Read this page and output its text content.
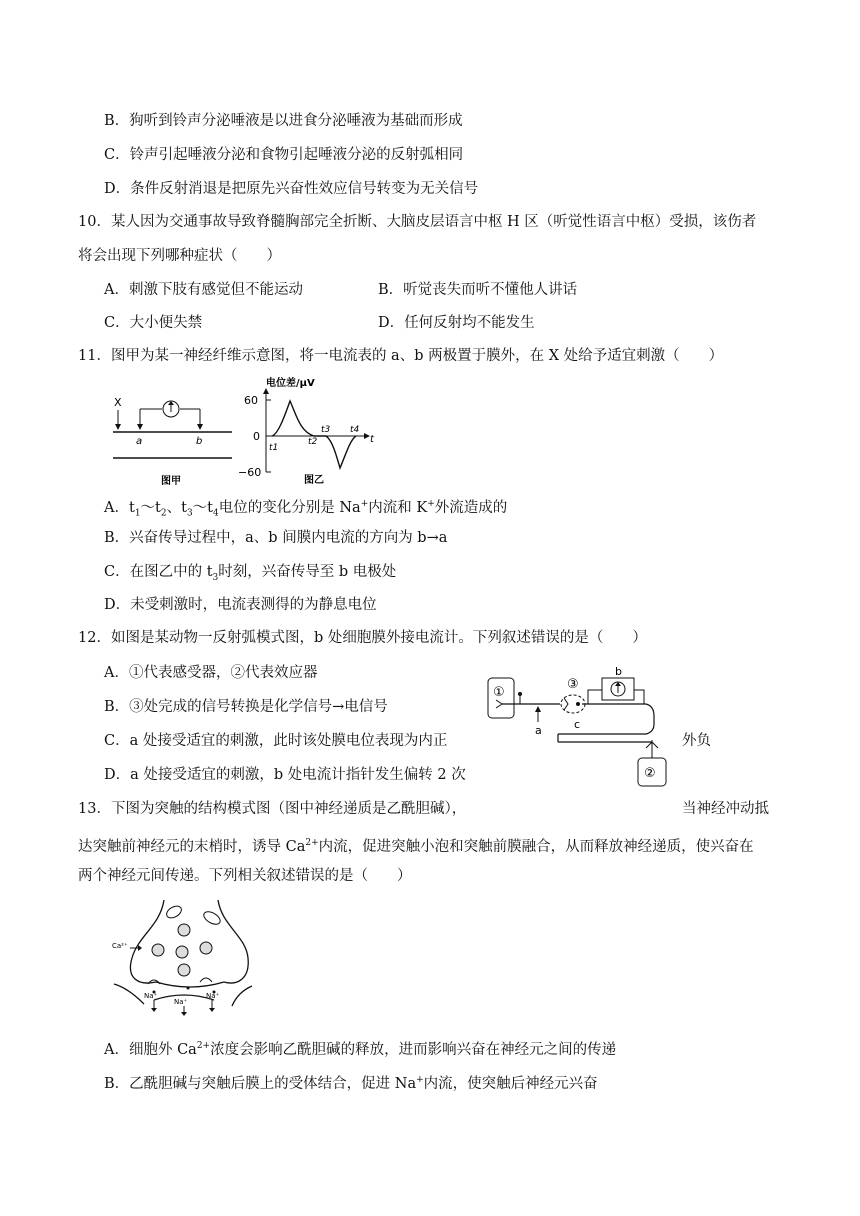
B．狗听到铃声分泌唾液是以进食分泌唾液为基础而形成
C．铃声引起唾液分泌和食物引起唾液分泌的反射弧相同
D．条件反射消退是把原先兴奋性效应信号转变为无关信号
10．某人因为交通事故导致脊髓胸部完全折断、大脑皮层语言中枢 H 区（听觉性语言中枢）受损，该伤者
将会出现下列哪种症状（　　）
A．刺激下肢有感觉但不能运动	B．听觉丧失而听不懂他人讲话
C．大小便失禁	D．任何反射均不能发生
11．图甲为某一神经纤维示意图，将一电流表的 a、b 两极置于膜外，在 X 处给予适宜刺激（　　）
X
a	b
图甲
电位差/μV
60
0
−60
t1
t2
t3 t4
t
图乙
A．$t_1\sim t_2$、$t_3\sim t_4$电位的变化分别是 Na+内流和 K+外流造成的
B．兴奋传导过程中，a、b 间膜内电流的方向为 b→a
C．在图乙中的 $t_3$时刻，兴奋传导至 b 电极处
D．未受刺激时，电流表测得的为静息电位
12．如图是某动物一反射弧模式图，b 处细胞膜外接电流计。下列叙述错误的是（　　）
A．①代表感受器，②代表效应器
B．③处完成的信号转换是化学信号→电信号
C．a 处接受适宜的刺激，此时该处膜电位表现为内正	外负
D．a 处接受适宜的刺激，b 处电流计指针发生偏转 2 次
①
a
③
c
b
②
13．下图为突触的结构模式图（图中神经递质是乙酰胆碱），	当神经冲动抵
达突触前神经元的末梢时，诱导 $Ca^{2+}$内流，促进突触小泡和突触前膜融合，从而释放神经递质，使兴奋在
两个神经元间传递。下列相关叙述错误的是（　　）
Ca²⁺
Na⁺
Na⁺
Na⁺
A．细胞外 $Ca^{2+}$浓度会影响乙酰胆碱的释放，进而影响兴奋在神经元之间的传递
B．乙酰胆碱与突触后膜上的受体结合，促进 Na+内流，使突触后神经元兴奋
